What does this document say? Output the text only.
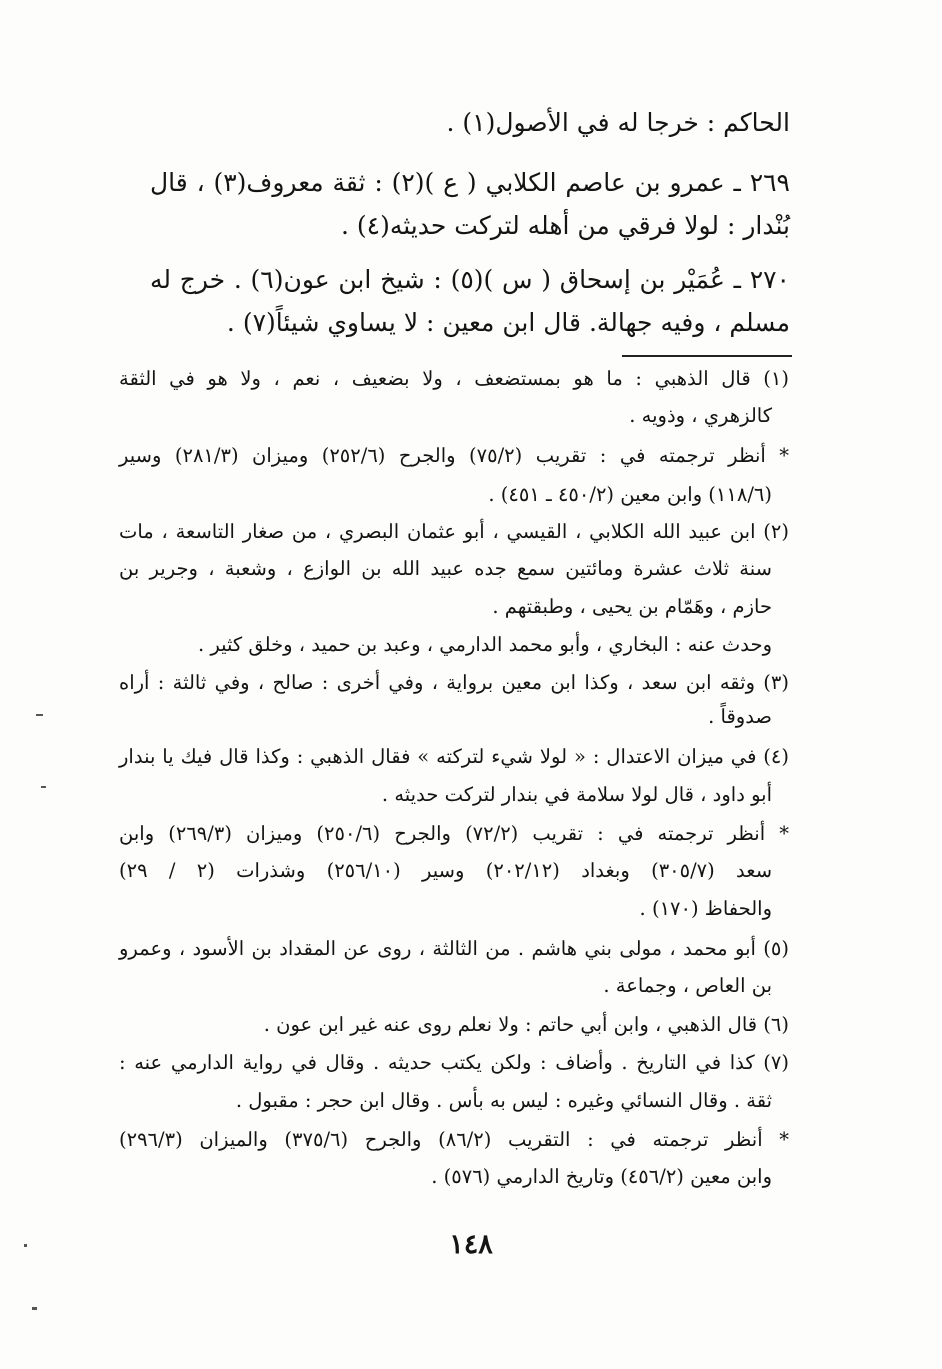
الحاكم : خرجا له في الأصول(١) .
٢٦٩ ـ عمرو بن عاصم الكلابي ( ع )(٢) : ثقة معروف(٣) ، قال
بُنْدار : لولا فرقي من أهله لتركت حديثه(٤) .
٢٧٠ ـ عُمَيْر بن إسحاق ( س )(٥) : شيخ ابن عون(٦) . خرج له
مسلم ، وفيه جهالة. قال ابن معين : لا يساوي شيئاً(٧) .
(١) قال الذهبي : ما هو بمستضعف ، ولا بضعيف ، نعم ، ولا هو في الثقة
كالزهري ، وذويه .
* أنظر ترجمته في : تقريب (٧٥/٢) والجرح (٢٥٢/٦) وميزان (٢٨١/٣) وسير
(١١٨/٦) وابن معين (٤٥٠/٢ ـ ٤٥١) .
(٢) ابن عبيد الله الكلابي ، القيسي ، أبو عثمان البصري ، من صغار التاسعة ، مات
سنة ثلاث عشرة ومائتين سمع جده عبيد الله بن الوازع ، وشعبة ، وجرير بن
حازم ، وهَمّام بن يحيى ، وطبقتهم .
وحدث عنه : البخاري ، وأبو محمد الدارمي ، وعبد بن حميد ، وخلق كثير .
(٣) وثقه ابن سعد ، وكذا ابن معين برواية ، وفي أخرى : صالح ، وفي ثالثة : أراه
صدوقاً .
(٤) في ميزان الاعتدال : « لولا شيء لتركته » فقال الذهبي : وكذا قال فيك يا بندار
أبو داود ، قال لولا سلامة في بندار لتركت حديثه .
* أنظر ترجمته في : تقريب (٧٢/٢) والجرح (٢٥٠/٦) وميزان (٢٦٩/٣) وابن
سعد (٣٠٥/٧) وبغداد (٢٠٢/١٢) وسير (٢٥٦/١٠) وشذرات (٢ / ٢٩)
والحفاظ (١٧٠) .
(٥) أبو محمد ، مولى بني هاشم . من الثالثة ، روى عن المقداد بن الأسود ، وعمرو
بن العاص ، وجماعة .
(٦) قال الذهبي ، وابن أبي حاتم : ولا نعلم روى عنه غير ابن عون .
(٧) كذا في التاريخ . وأضاف : ولكن يكتب حديثه . وقال في رواية الدارمي عنه :
ثقة . وقال النسائي وغيره : ليس به بأس . وقال ابن حجر : مقبول .
* أنظر ترجمته في : التقريب (٨٦/٢) والجرح (٣٧٥/٦) والميزان (٢٩٦/٣)
وابن معين (٤٥٦/٢) وتاريخ الدارمي (٥٧٦) .
١٤٨
